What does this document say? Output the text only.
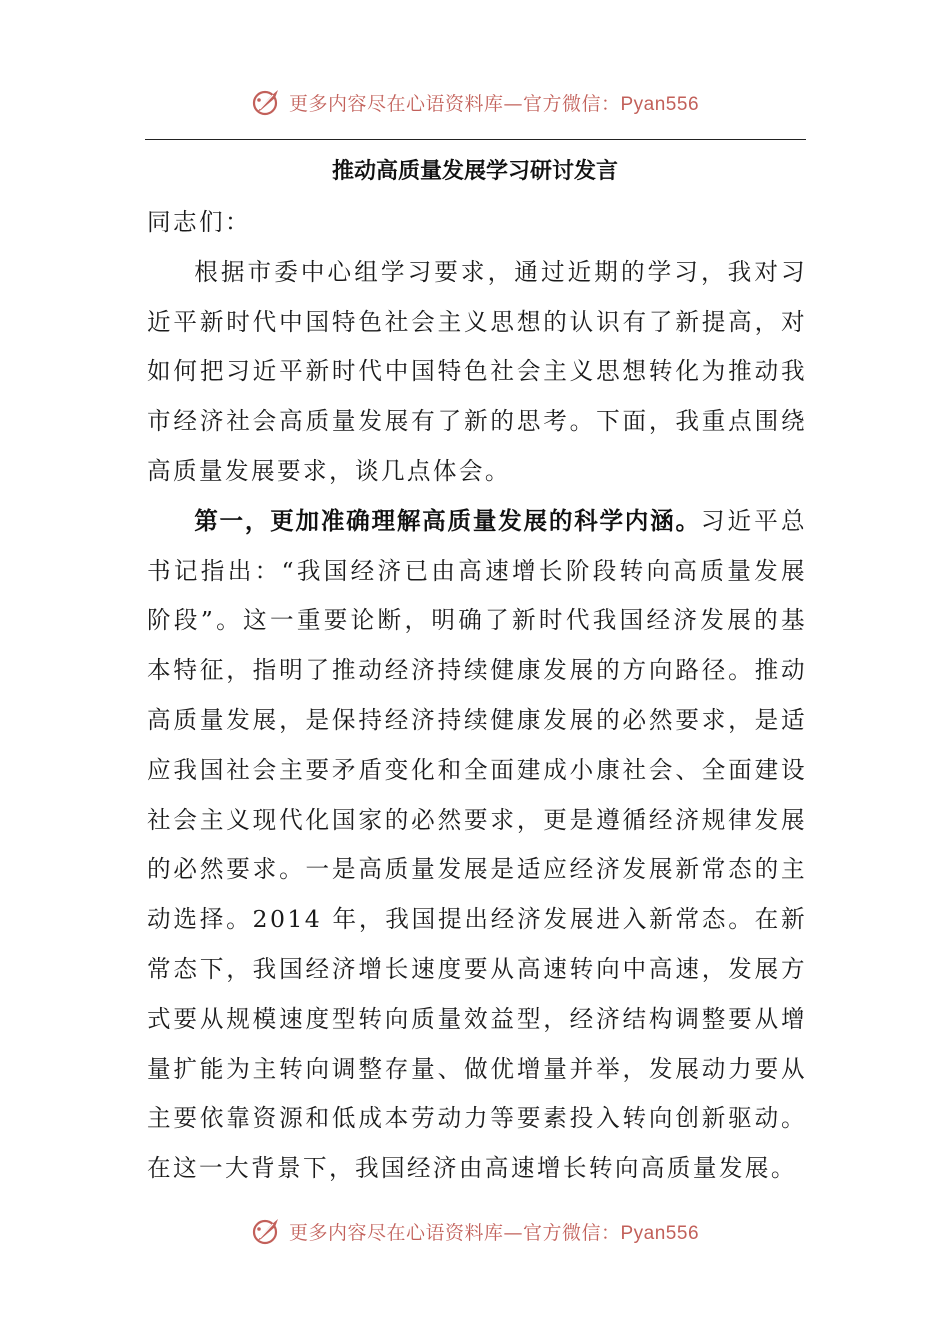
更多内容尽在心语资料库—官方微信：Pyan556
推动高质量发展学习研讨发言

同志们：

根据市委中心组学习要求，通过近期的学习，我对习近平新时代中国特色社会主义思想的认识有了新提高，对如何把习近平新时代中国特色社会主义思想转化为推动我市经济社会高质量发展有了新的思考。下面，我重点围绕高质量发展要求，谈几点体会。

第一，更加准确理解高质量发展的科学内涵。习近平总书记指出：“我国经济已由高速增长阶段转向高质量发展阶段”。这一重要论断，明确了新时代我国经济发展的基本特征，指明了推动经济持续健康发展的方向路径。推动高质量发展，是保持经济持续健康发展的必然要求，是适应我国社会主要矛盾变化和全面建成小康社会、全面建设社会主义现代化国家的必然要求，更是遵循经济规律发展的必然要求。一是高质量发展是适应经济发展新常态的主动选择。2014 年，我国提出经济发展进入新常态。在新常态下，我国经济增长速度要从高速转向中高速，发展方式要从规模速度型转向质量效益型，经济结构调整要从增量扩能为主转向调整存量、做优增量并举，发展动力要从主要依靠资源和低成本劳动力等要素投入转向创新驱动。在这一大背景下，我国经济由高速增长转向高质量发展。

更多内容尽在心语资料库—官方微信：Pyan556
